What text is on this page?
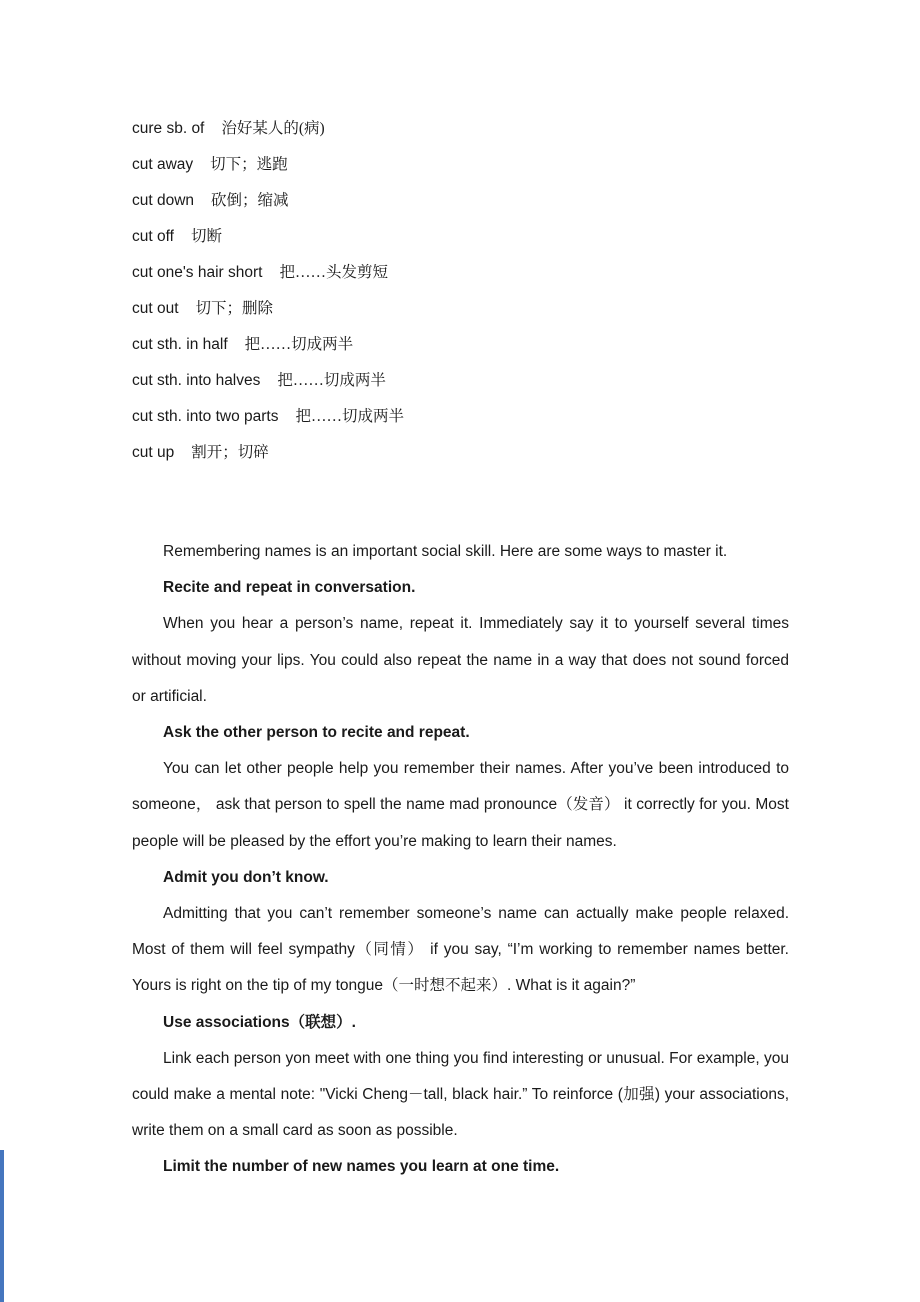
cure sb. of 治好某人的(病)
cut away 切下；逃跑
cut down 砍倒；缩减
cut off 切断
cut one's hair short 把……头发剪短
cut out 切下；删除
cut sth. in half 把……切成两半
cut sth. into halves 把……切成两半
cut sth. into two parts 把……切成两半
cut up 割开；切碎

Remembering names is an important social skill. Here are some ways to master it.

Recite and repeat in conversation.

When you hear a person’s name, repeat it. Immediately say it to yourself several times without moving your lips. You could also repeat the name in a way that does not sound forced or artificial.

Ask the other person to recite and repeat.

You can let other people help you remember their names. After you’ve been introduced to someone， ask that person to spell the name mad pronounce（发音） it correctly for you. Most people will be pleased by the effort you’re making to learn their names.

Admit you don’t know.

Admitting that you can’t remember someone’s name can actually make people relaxed. Most of them will feel sympathy（同情） if you say, “I’m working to remember names better. Yours is right on the tip of my tongue（一时想不起来）. What is it again?”

Use associations（联想）.

Link each person yon meet with one thing you find interesting or unusual. For example, you could make a mental note: "Vicki Cheng－tall, black hair.” To reinforce (加强) your associations, write them on a small card as soon as possible.

Limit the number of new names you learn at one time.
